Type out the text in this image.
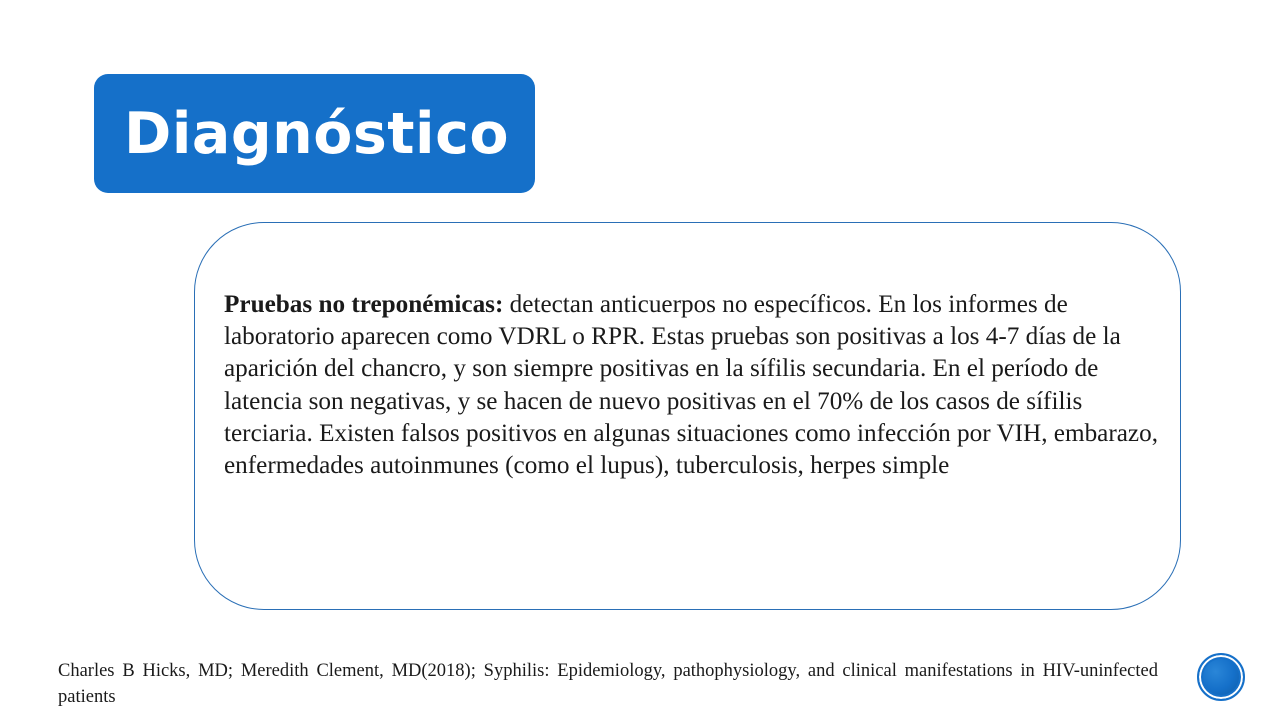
Diagnóstico

Pruebas no treponémicas: detectan anticuerpos no específicos. En los informes de laboratorio aparecen como VDRL o RPR. Estas pruebas son positivas a los 4-7 días de la aparición del chancro, y son siempre positivas en la sífilis secundaria. En el período de latencia son negativas, y se hacen de nuevo positivas en el 70% de los casos de sífilis terciaria. Existen falsos positivos en algunas situaciones como infección por VIH, embarazo, enfermedades autoinmunes (como el lupus), tuberculosis, herpes simple

Charles B Hicks, MD; Meredith Clement, MD(2018); Syphilis: Epidemiology, pathophysiology, and clinical manifestations in HIV-uninfected patients
